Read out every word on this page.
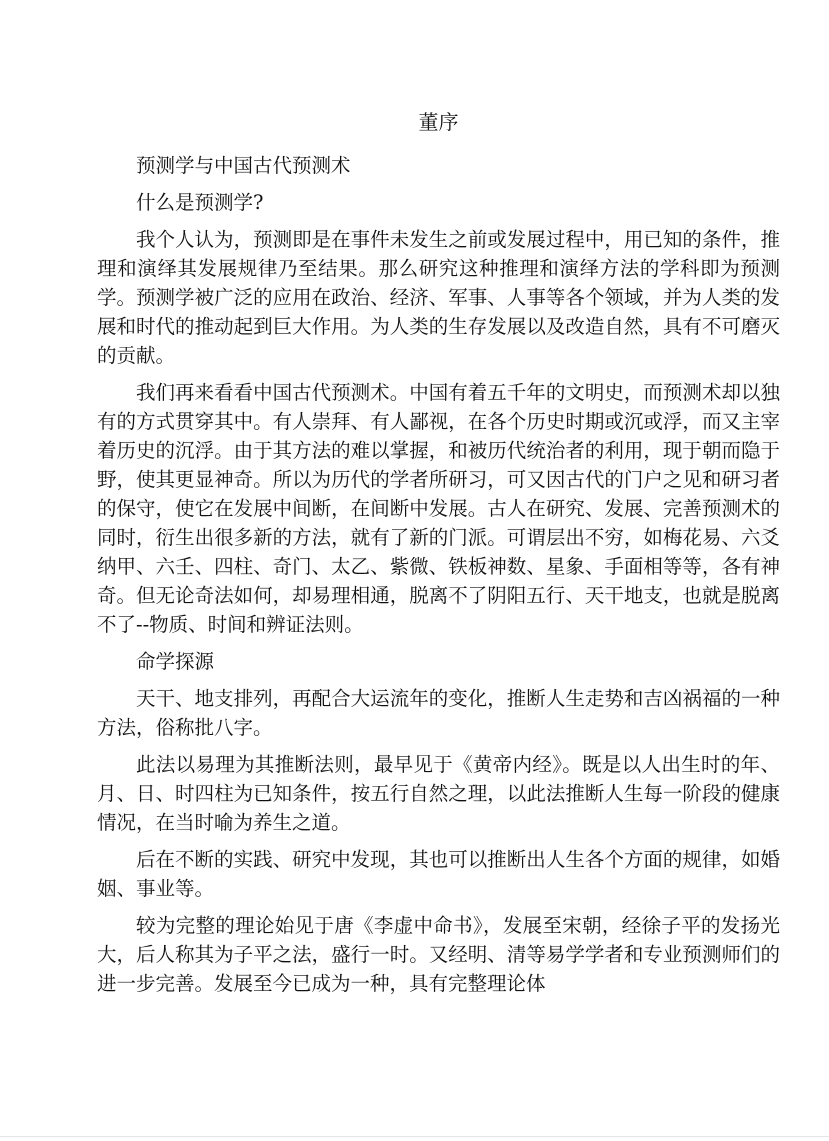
董序

预测学与中国古代预测术

什么是预测学?

我个人认为，预测即是在事件未发生之前或发展过程中，用已知的条件，推理和演绎其发展规律乃至结果。那么研究这种推理和演绎方法的学科即为预测学。预测学被广泛的应用在政治、经济、军事、人事等各个领域，并为人类的发展和时代的推动起到巨大作用。为人类的生存发展以及改造自然，具有不可磨灭的贡献。

我们再来看看中国古代预测术。中国有着五千年的文明史，而预测术却以独有的方式贯穿其中。有人崇拜、有人鄙视，在各个历史时期或沉或浮，而又主宰着历史的沉浮。由于其方法的难以掌握，和被历代统治者的利用，现于朝而隐于野，使其更显神奇。所以为历代的学者所研习，可又因古代的门户之见和研习者的保守，使它在发展中间断，在间断中发展。古人在研究、发展、完善预测术的同时，衍生出很多新的方法，就有了新的门派。可谓层出不穷，如梅花易、六爻纳甲、六壬、四柱、奇门、太乙、紫微、铁板神数、星象、手面相等等，各有神奇。但无论奇法如何，却易理相通，脱离不了阴阳五行、天干地支，也就是脱离不了--物质、时间和辨证法则。

命学探源

天干、地支排列，再配合大运流年的变化，推断人生走势和吉凶祸福的一种方法，俗称批八字。

此法以易理为其推断法则，最早见于《黄帝内经》。既是以人出生时的年、月、日、时四柱为已知条件，按五行自然之理，以此法推断人生每一阶段的健康情况，在当时喻为养生之道。

后在不断的实践、研究中发现，其也可以推断出人生各个方面的规律，如婚姻、事业等。

较为完整的理论始见于唐《李虚中命书》，发展至宋朝，经徐子平的发扬光大，后人称其为子平之法，盛行一时。又经明、清等易学学者和专业预测师们的进一步完善。发展至今已成为一种，具有完整理论体
